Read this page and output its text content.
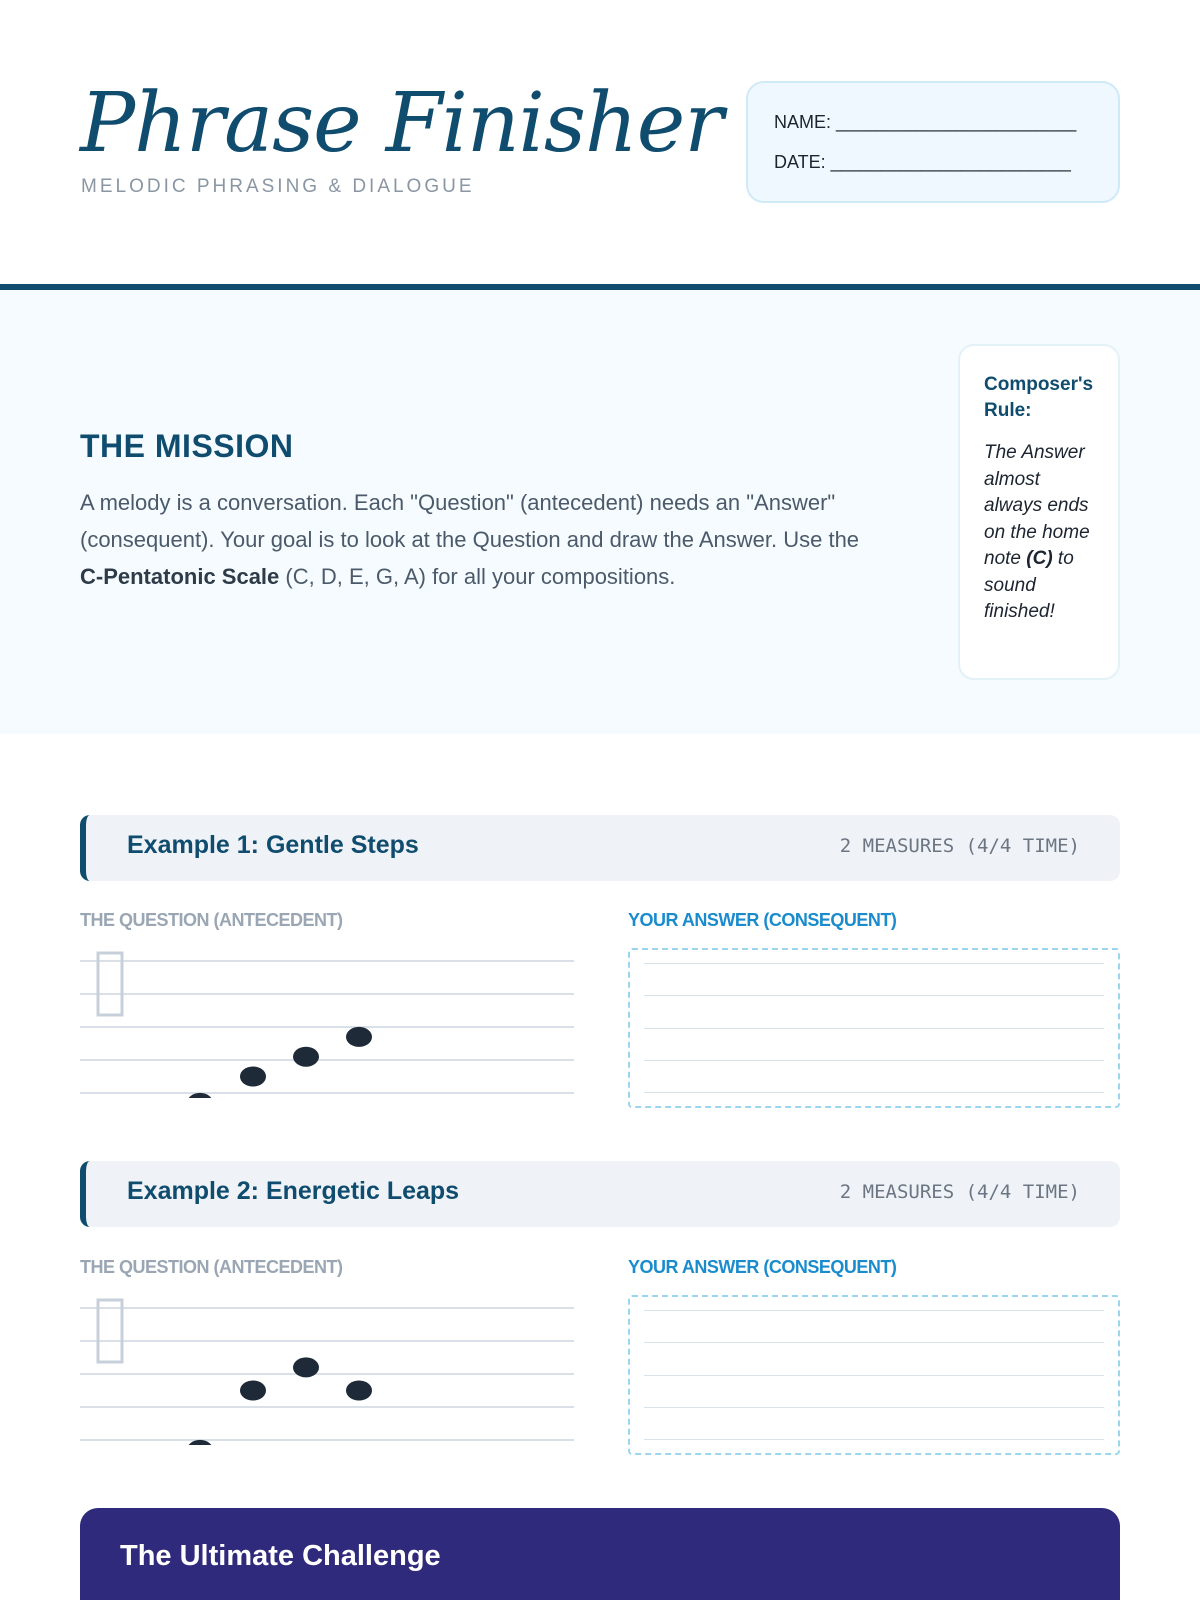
Phrase Finisher
MELODIC PHRASING & DIALOGUE
NAME: ________________________
DATE: ________________________
THE MISSION
A melody is a conversation. Each "Question" (antecedent) needs an "Answer" (consequent). Your goal is to look at the Question and draw the Answer. Use the C-Pentatonic Scale (C, D, E, G, A) for all your compositions.
Composer's Rule:
The Answer almost always ends on the home note (C) to sound finished!
Example 1: Gentle Steps	2 MEASURES (4/4 TIME)
THE QUESTION (ANTECEDENT)	YOUR ANSWER (CONSEQUENT)
Example 2: Energetic Leaps	2 MEASURES (4/4 TIME)
THE QUESTION (ANTECEDENT)	YOUR ANSWER (CONSEQUENT)
The Ultimate Challenge
